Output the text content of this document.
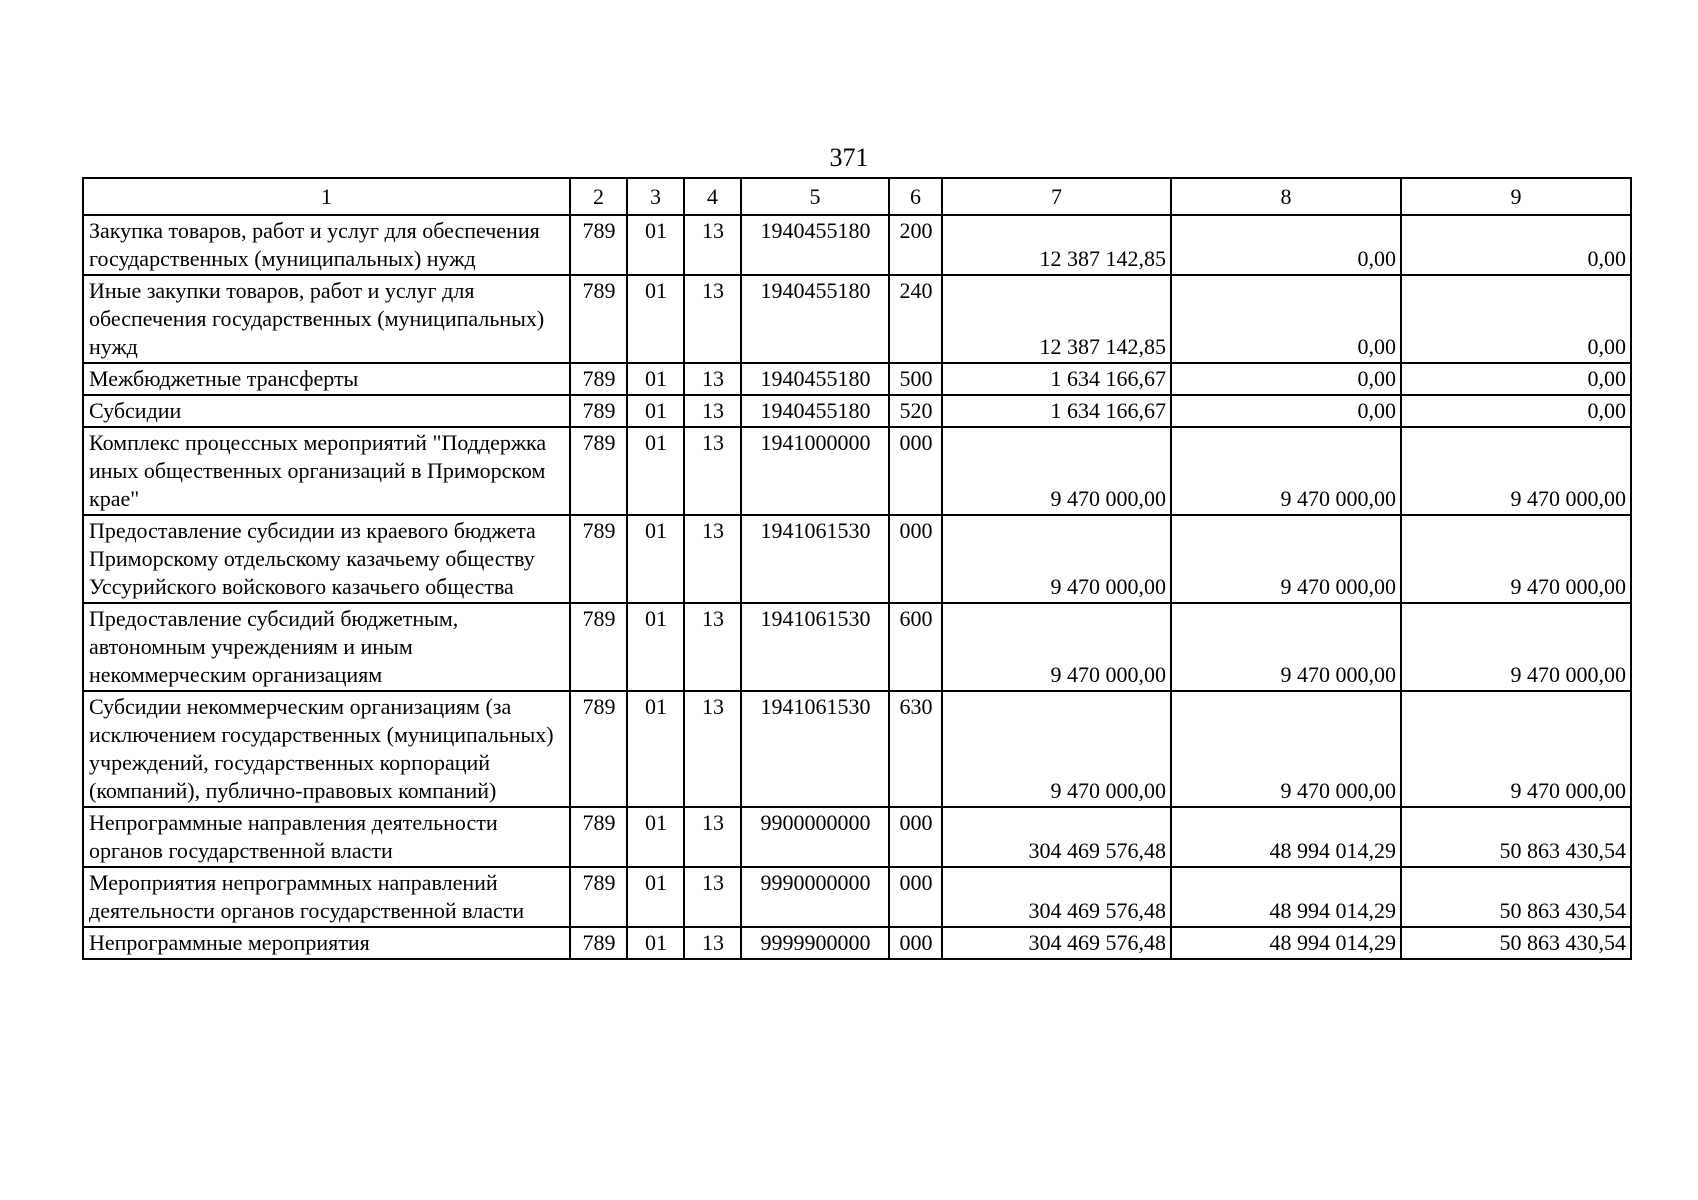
371
1	2	3	4	5	6	7	8	9
Закупка товаров, работ и услуг для обеспечения государственных (муниципальных) нужд	789	01	13	1940455180	200	12 387 142,85	0,00	0,00
Иные закупки товаров, работ и услуг для обеспечения государственных (муниципальных) нужд	789	01	13	1940455180	240	12 387 142,85	0,00	0,00
Межбюджетные трансферты	789	01	13	1940455180	500	1 634 166,67	0,00	0,00
Субсидии	789	01	13	1940455180	520	1 634 166,67	0,00	0,00
Комплекс процессных мероприятий "Поддержка иных общественных организаций в Приморском крае"	789	01	13	1941000000	000	9 470 000,00	9 470 000,00	9 470 000,00
Предоставление субсидии из краевого бюджета Приморскому отдельскому казачьему обществу Уссурийского войскового казачьего общества	789	01	13	1941061530	000	9 470 000,00	9 470 000,00	9 470 000,00
Предоставление субсидий бюджетным, автономным учреждениям и иным некоммерческим организациям	789	01	13	1941061530	600	9 470 000,00	9 470 000,00	9 470 000,00
Субсидии некоммерческим организациям (за исключением государственных (муниципальных) учреждений, государственных корпораций (компаний), публично-правовых компаний)	789	01	13	1941061530	630	9 470 000,00	9 470 000,00	9 470 000,00
Непрограммные направления деятельности органов государственной власти	789	01	13	9900000000	000	304 469 576,48	48 994 014,29	50 863 430,54
Мероприятия непрограммных направлений деятельности органов государственной власти	789	01	13	9990000000	000	304 469 576,48	48 994 014,29	50 863 430,54
Непрограммные мероприятия	789	01	13	9999900000	000	304 469 576,48	48 994 014,29	50 863 430,54
